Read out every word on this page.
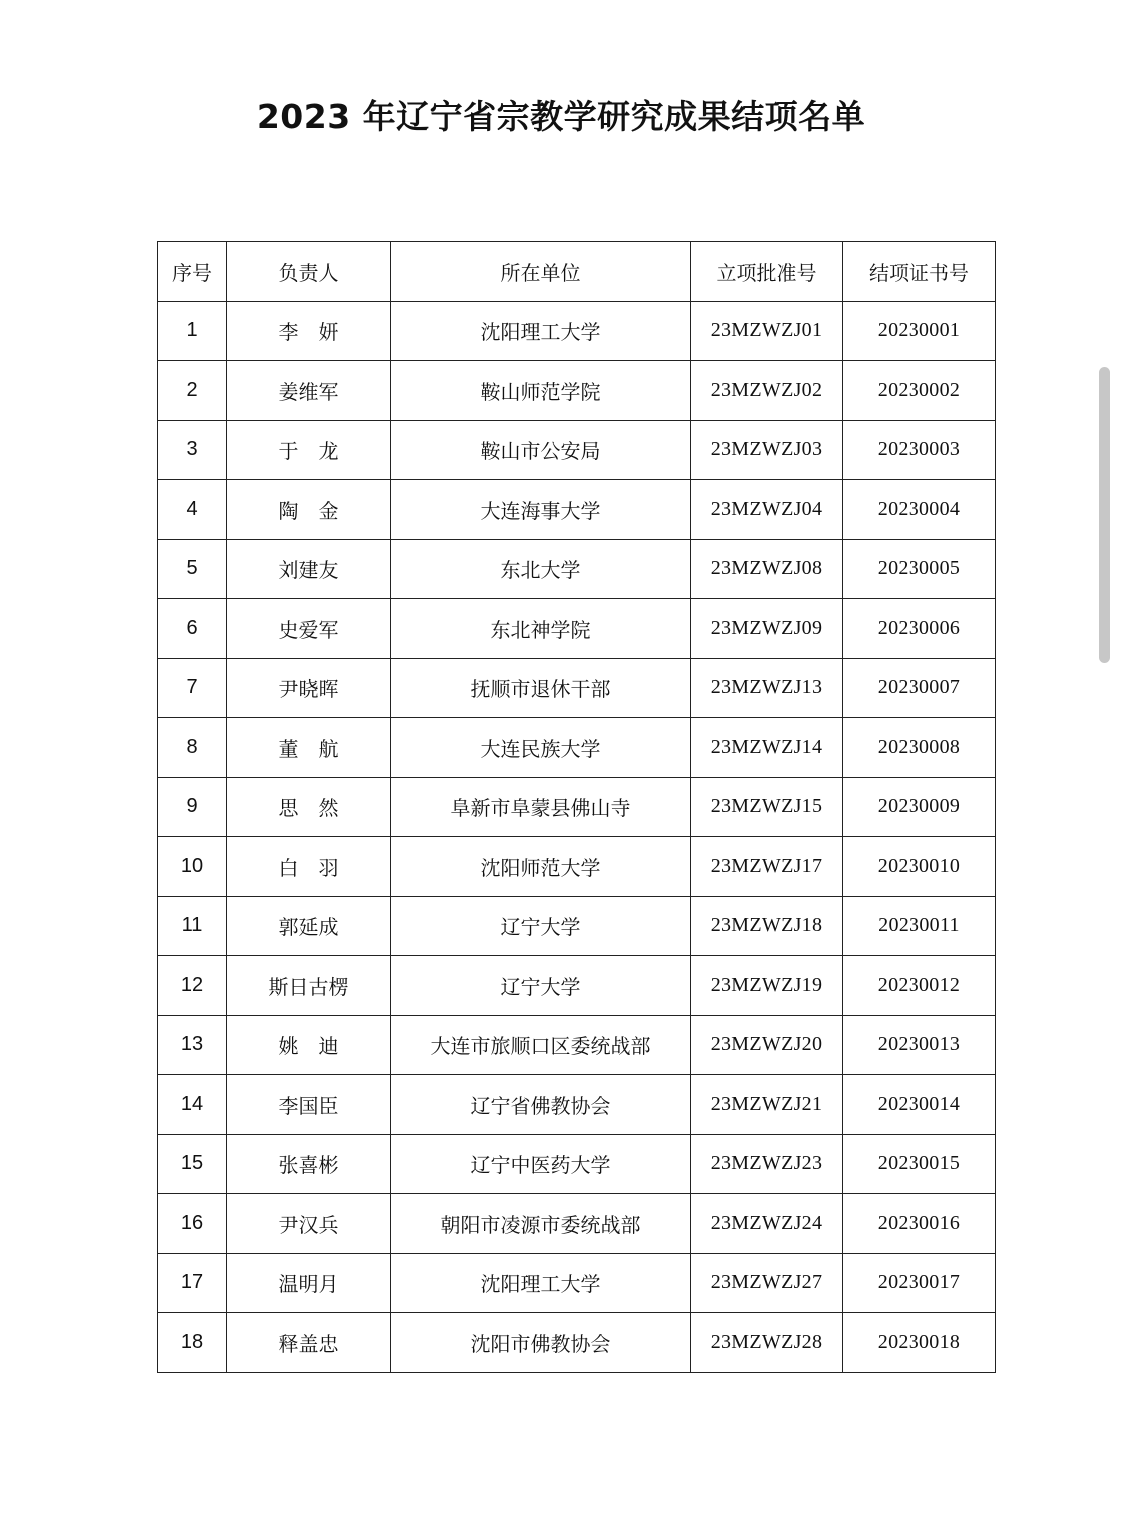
2023 年辽宁省宗教学研究成果结项名单
序号	负责人	所在单位	立项批准号	结项证书号
1	李　妍	沈阳理工大学	23MZWZJ01	20230001
2	姜维军	鞍山师范学院	23MZWZJ02	20230002
3	于　龙	鞍山市公安局	23MZWZJ03	20230003
4	陶　金	大连海事大学	23MZWZJ04	20230004
5	刘建友	东北大学	23MZWZJ08	20230005
6	史爱军	东北神学院	23MZWZJ09	20230006
7	尹晓晖	抚顺市退休干部	23MZWZJ13	20230007
8	董　航	大连民族大学	23MZWZJ14	20230008
9	思　然	阜新市阜蒙县佛山寺	23MZWZJ15	20230009
10	白　羽	沈阳师范大学	23MZWZJ17	20230010
11	郭延成	辽宁大学	23MZWZJ18	20230011
12	斯日古楞	辽宁大学	23MZWZJ19	20230012
13	姚　迪	大连市旅顺口区委统战部	23MZWZJ20	20230013
14	李国臣	辽宁省佛教协会	23MZWZJ21	20230014
15	张喜彬	辽宁中医药大学	23MZWZJ23	20230015
16	尹汉兵	朝阳市凌源市委统战部	23MZWZJ24	20230016
17	温明月	沈阳理工大学	23MZWZJ27	20230017
18	释盖忠	沈阳市佛教协会	23MZWZJ28	20230018
